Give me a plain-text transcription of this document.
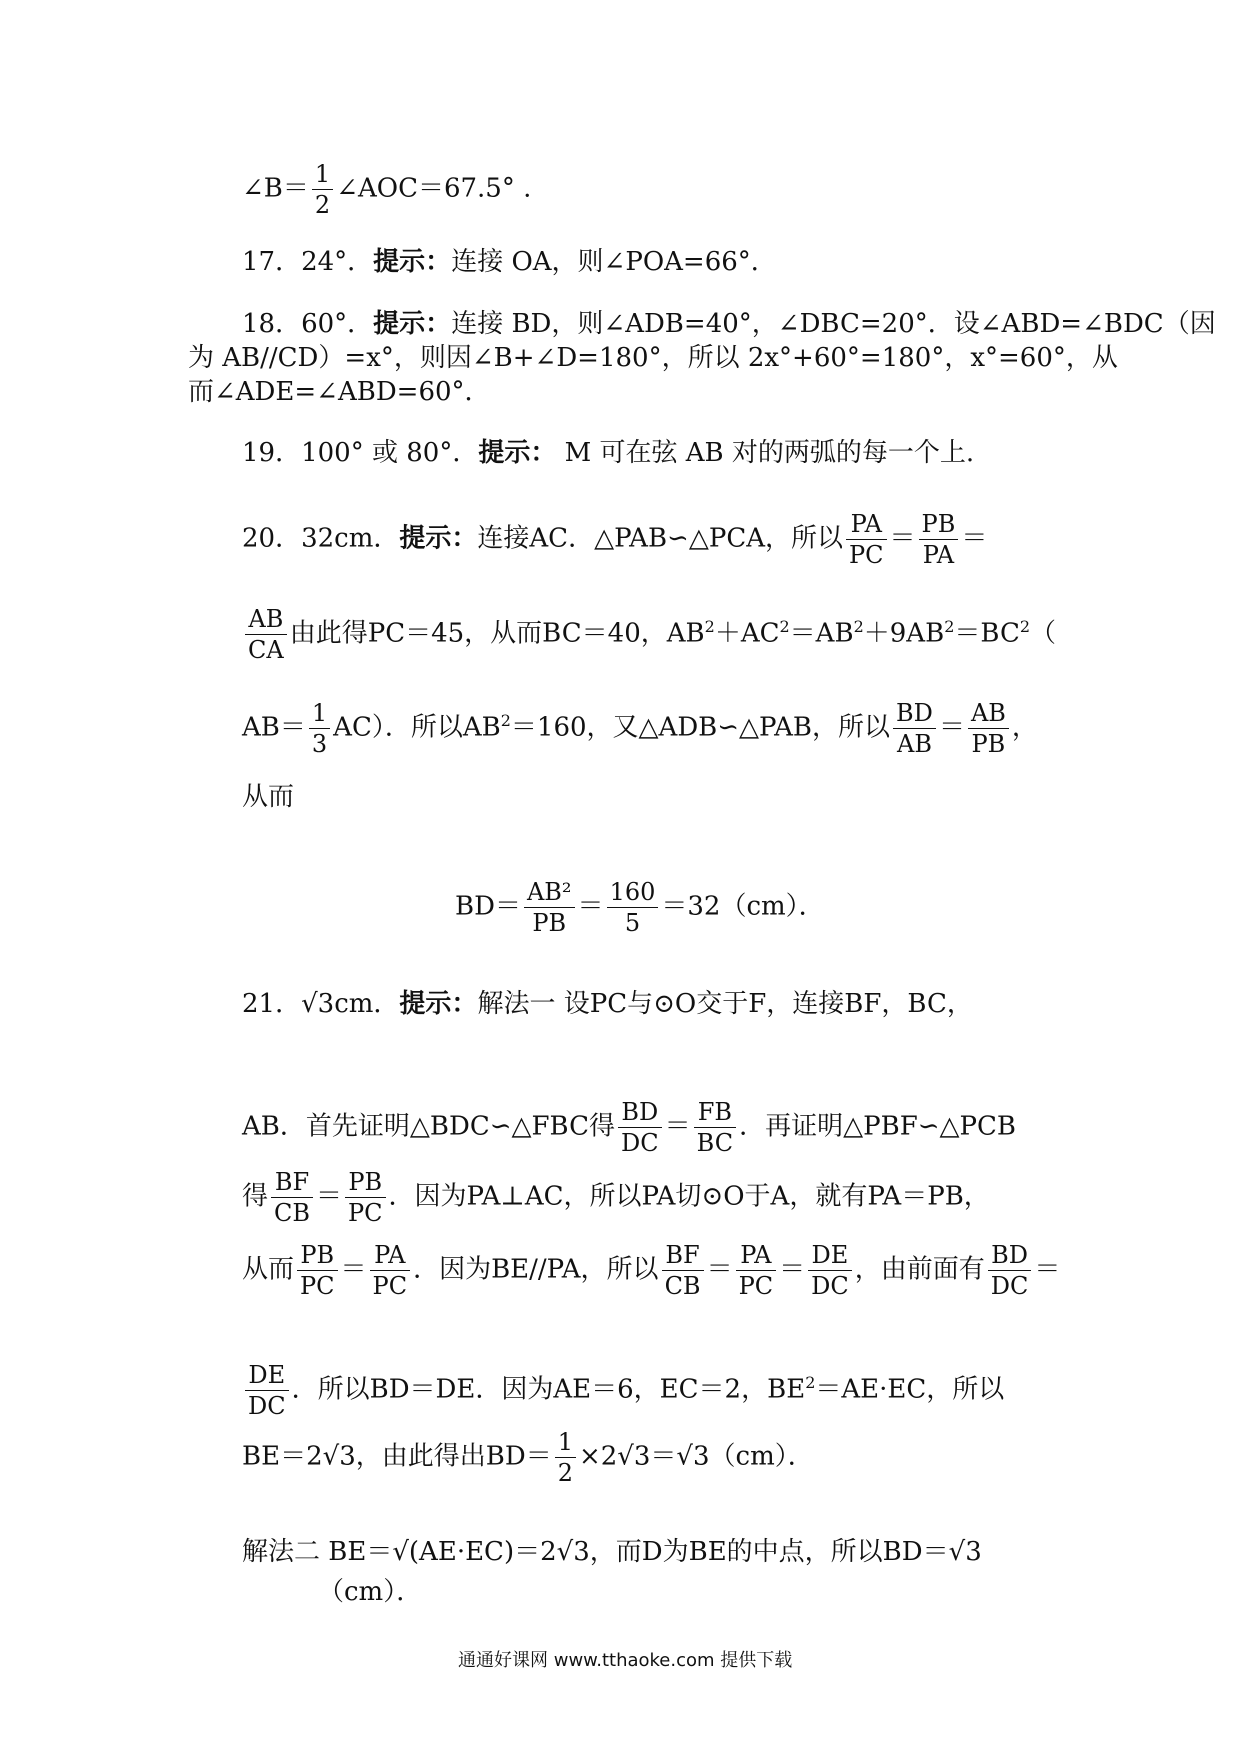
∠B＝ $\frac{1}{2}$ ∠AOC＝67.5° .
17．24°．提示：连接 OA，则∠POA=66°．
18．60°．提示：连接 BD，则∠ADB=40°，∠DBC=20°．设∠ABD=∠BDC（因
为 AB//CD）=x°，则因∠B+∠D=180°，所以 2x°+60°=180°，x°=60°，从
而∠ADE=∠ABD=60°．
19．100° 或 80°．提示： M 可在弦 AB 对的两弧的每一个上.
20．32cm．提示：连接AC．△PAB∽△PCA，所以 $\frac{PA}{PC} = \frac{PB}{PA}$ ＝
$\frac{AB}{CA}$ 由此得PC＝45，从而BC＝40，$AB^2+AC^2=AB^2+9AB^2=BC^2$（
$AB= \frac{1}{3} AC$）．所以$AB^2=160$，又△ADB∽△PAB，所以 $\frac{BD}{AB} = \frac{AB}{PB}$ ，
从而
$BD= \frac{\text{AB²}}{PB} = \frac{160}{5} =32(cm)$．
21．√3cm．提示：解法一 设PC与⊙O交于F，连接BF，BC，
AB．首先证明△BDC∽△FBC得 $\frac{BD}{DC} = \frac{FB}{BC}$ ．再证明△PBF∽△PCB
得 $\frac{BF}{CB} = \frac{PB}{PC}$ ．因为PA⊥AC，所以PA切⊙O于A，就有PA＝PB，
从而 $\frac{PB}{PC} = \frac{PA}{PC}$ ．因为BE//PA，所以 $\frac{BF}{CB} = \frac{PA}{PC} = \frac{DE}{DC}$ ，由前面有 $\frac{BD}{DC}$ ＝
$\frac{DE}{DC}$ ．所以BD＝DE．因为AE＝6，EC＝2，$BE^2=AE\cdot EC$，所以
BE＝2√3，由此得出$BD= \frac{1}{2} \times 2√3=√3(cm)$．
解法二 BE＝√(AE·EC)＝2√3，而D为BE的中点，所以BD＝√3
（cm）．
通通好课网 www.tthaoke.com 提供下载
